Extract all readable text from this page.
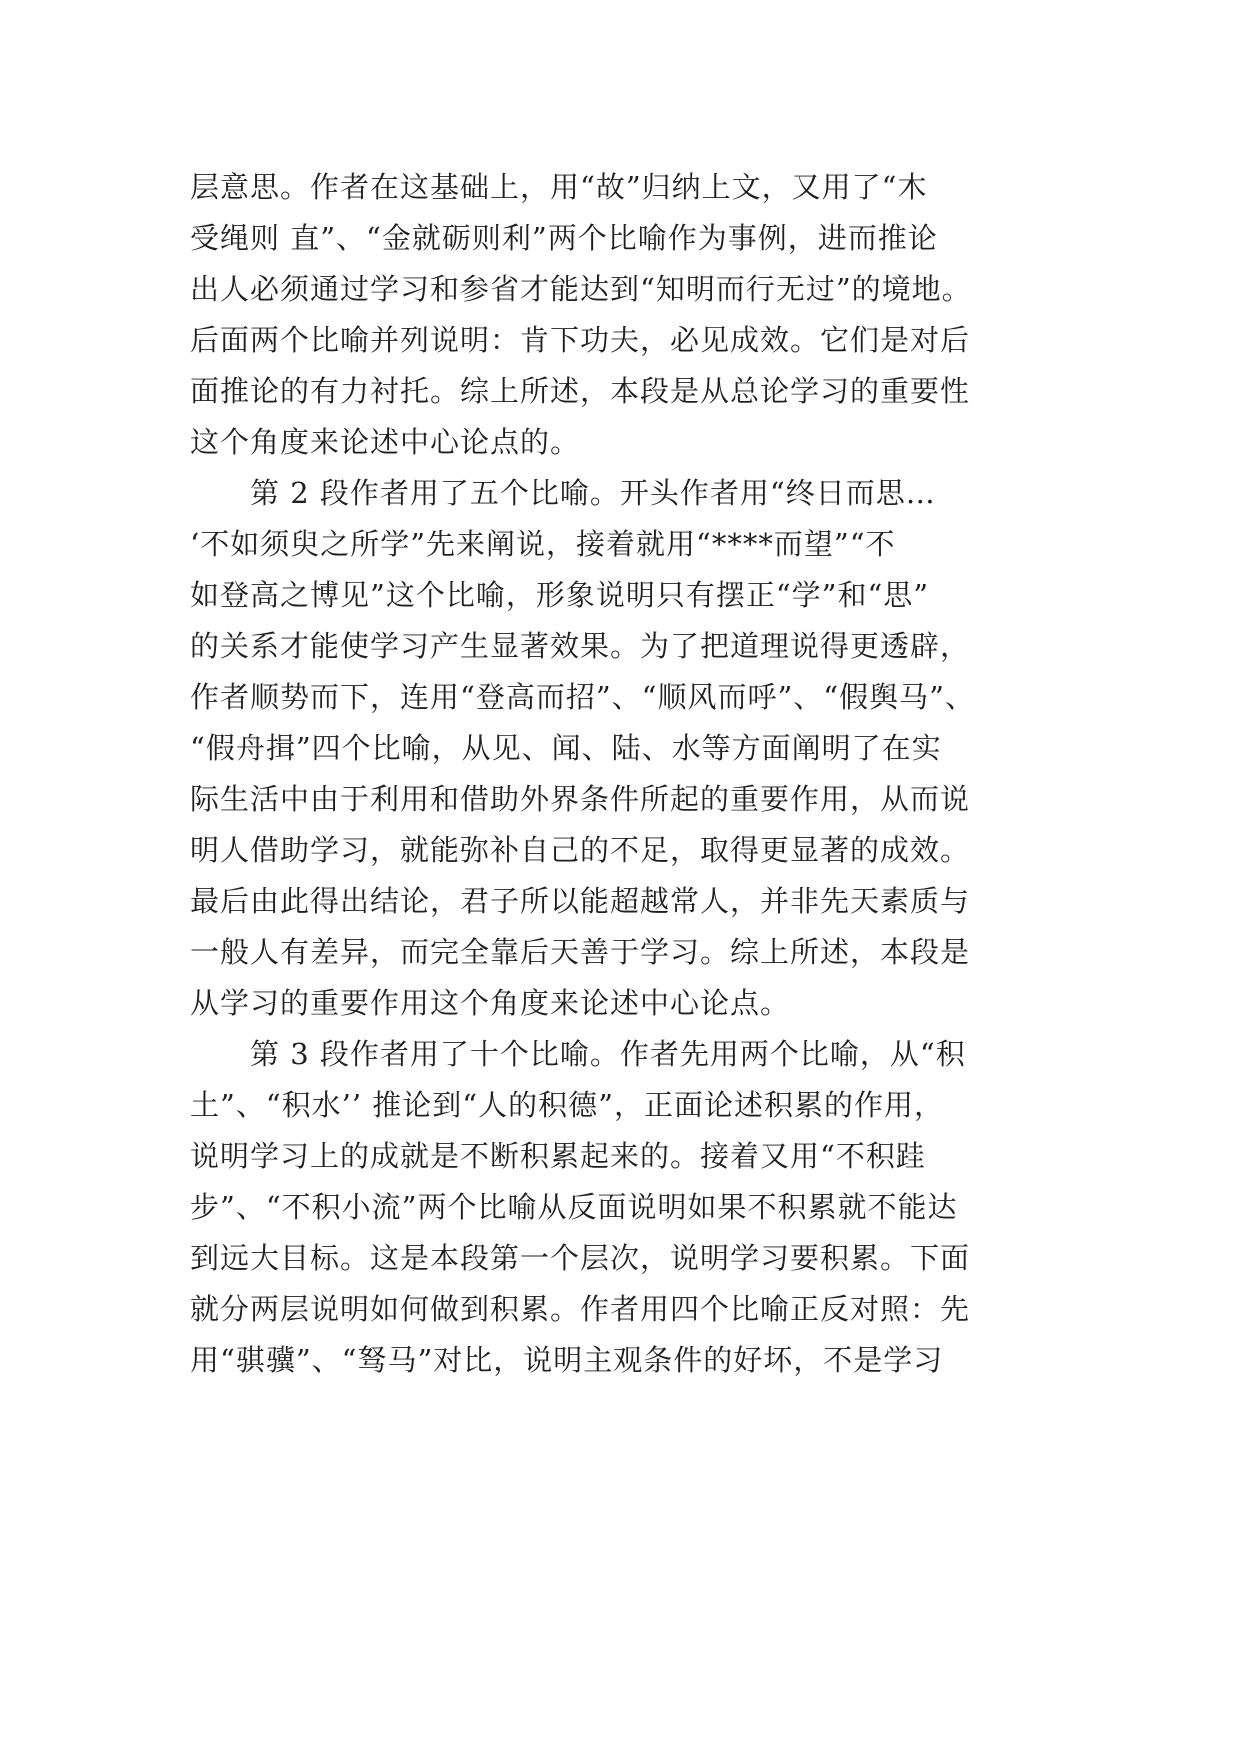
层意思。作者在这基础上，用“故”归纳上文，又用了“木
受绳则 直”、“金就砺则利”两个比喻作为事例，进而推论
出人必须通过学习和参省才能达到“知明而行无过”的境地。
后面两个比喻并列说明：肯下功夫，必见成效。它们是对后
面推论的有力衬托。综上所述，本段是从总论学习的重要性
这个角度来论述中心论点的。
　　第 2 段作者用了五个比喻。开头作者用“终日而思…
‘不如须臾之所学”先来阐说，接着就用“****而望”“不
如登高之博见”这个比喻，形象说明只有摆正“学”和“思”
的关系才能使学习产生显著效果。为了把道理说得更透辟，
作者顺势而下，连用“登高而招”、“顺风而呼”、“假舆马”、
“假舟揖”四个比喻，从见、闻、陆、水等方面阐明了在实
际生活中由于利用和借助外界条件所起的重要作用，从而说
明人借助学习，就能弥补自己的不足，取得更显著的成效。
最后由此得出结论，君子所以能超越常人，并非先天素质与
一般人有差异，而完全靠后天善于学习。综上所述，本段是
从学习的重要作用这个角度来论述中心论点。
　　第 3 段作者用了十个比喻。作者先用两个比喻，从“积
土”、“积水’’ 推论到“人的积德”，正面论述积累的作用，
说明学习上的成就是不断积累起来的。接着又用“不积跬
步”、“不积小流”两个比喻从反面说明如果不积累就不能达
到远大目标。这是本段第一个层次，说明学习要积累。下面
就分两层说明如何做到积累。作者用四个比喻正反对照：先
用“骐骥”、“驽马”对比，说明主观条件的好坏，不是学习
